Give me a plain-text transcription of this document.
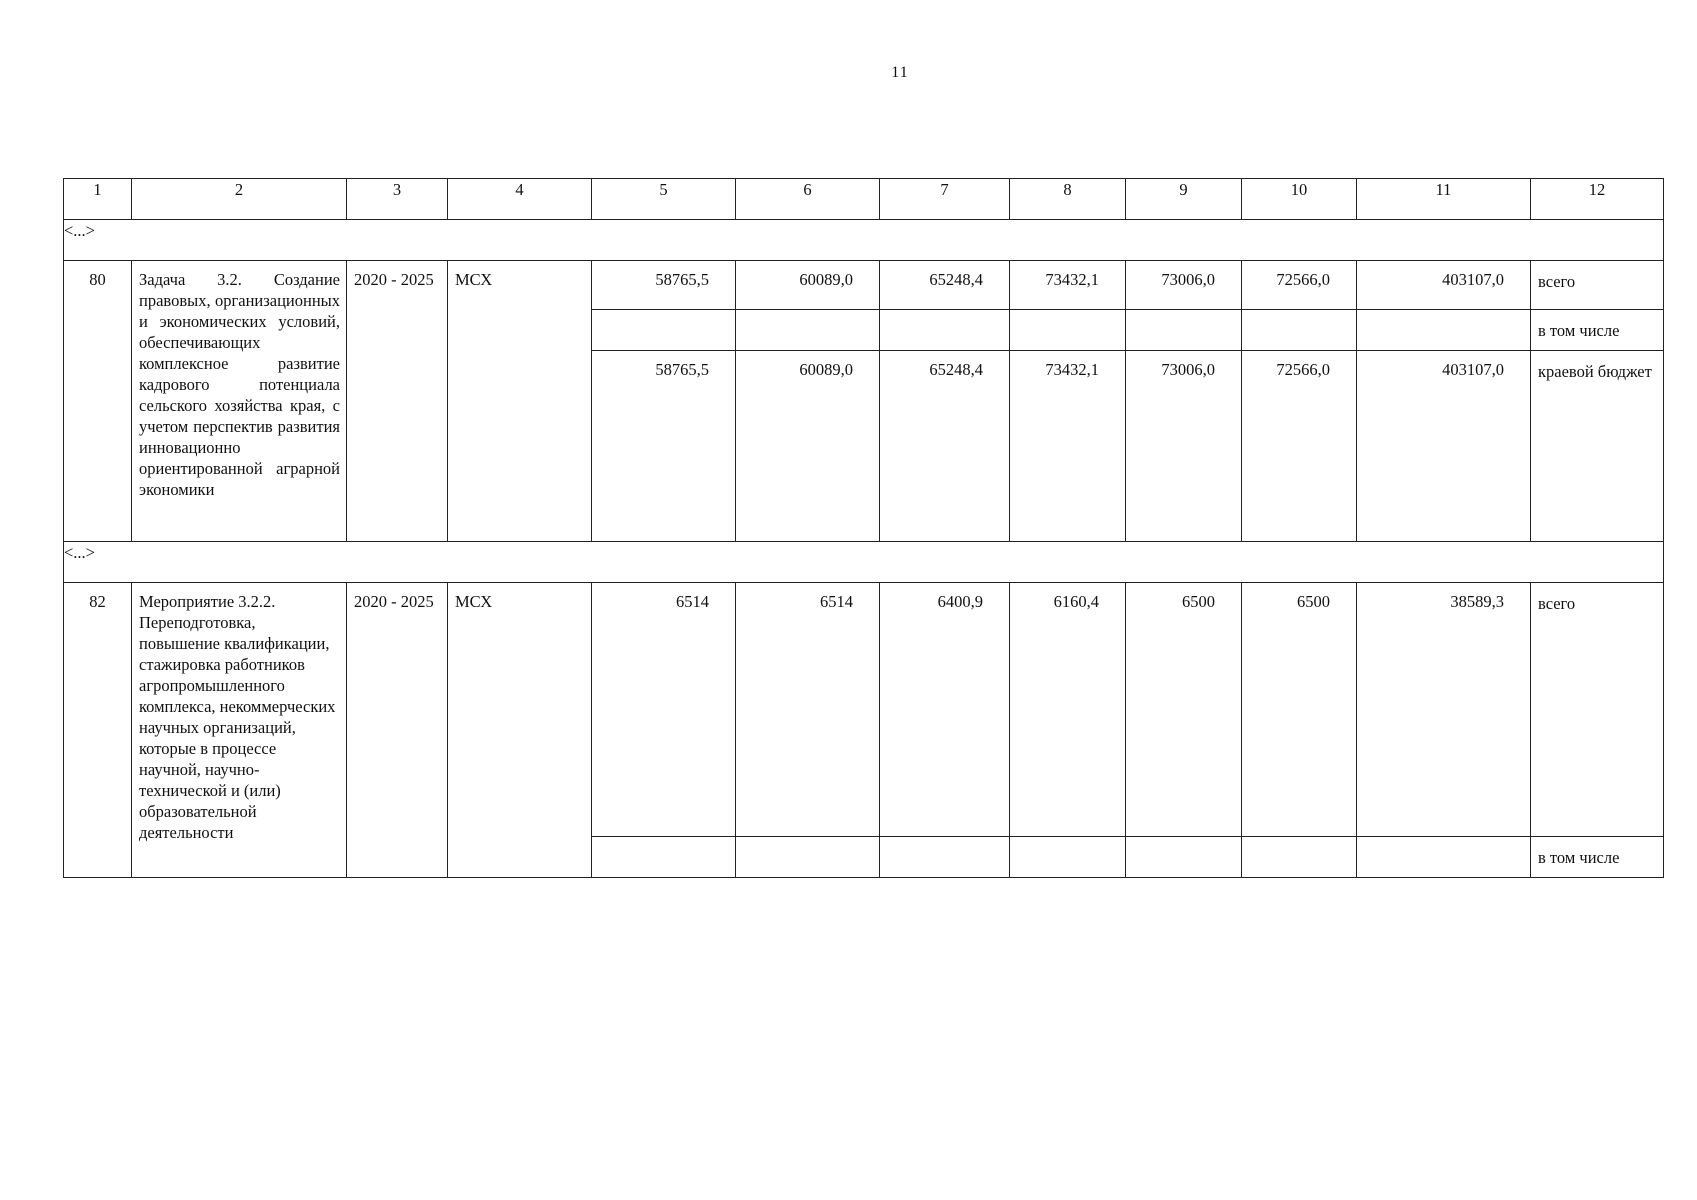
11
1	2	3	4	5	6	7	8	9	10	11	12
<...>											
80	Задача 3.2. Создание правовых, организационных и экономических условий, обеспечивающих комплексное развитие кадрового потенциала сельского хозяйства края, с учетом перспектив развития инновационно ориентированной аграрной экономики	2020 - 2025	МСХ	58765,5	60089,0	65248,4	73432,1	73006,0	72566,0	403107,0	всего
											в том числе
				58765,5	60089,0	65248,4	73432,1	73006,0	72566,0	403107,0	краевой бюджет
<...>											
82	Мероприятие 3.2.2. Переподготовка, повышение квалификации, стажировка работников агропромышленного комплекса, некоммерческих научных организаций, которые в процессе научной, научно-технической и (или) образовательной деятельности	2020 - 2025	МСХ	6514	6514	6400,9	6160,4	6500	6500	38589,3	всего
											в том числе
